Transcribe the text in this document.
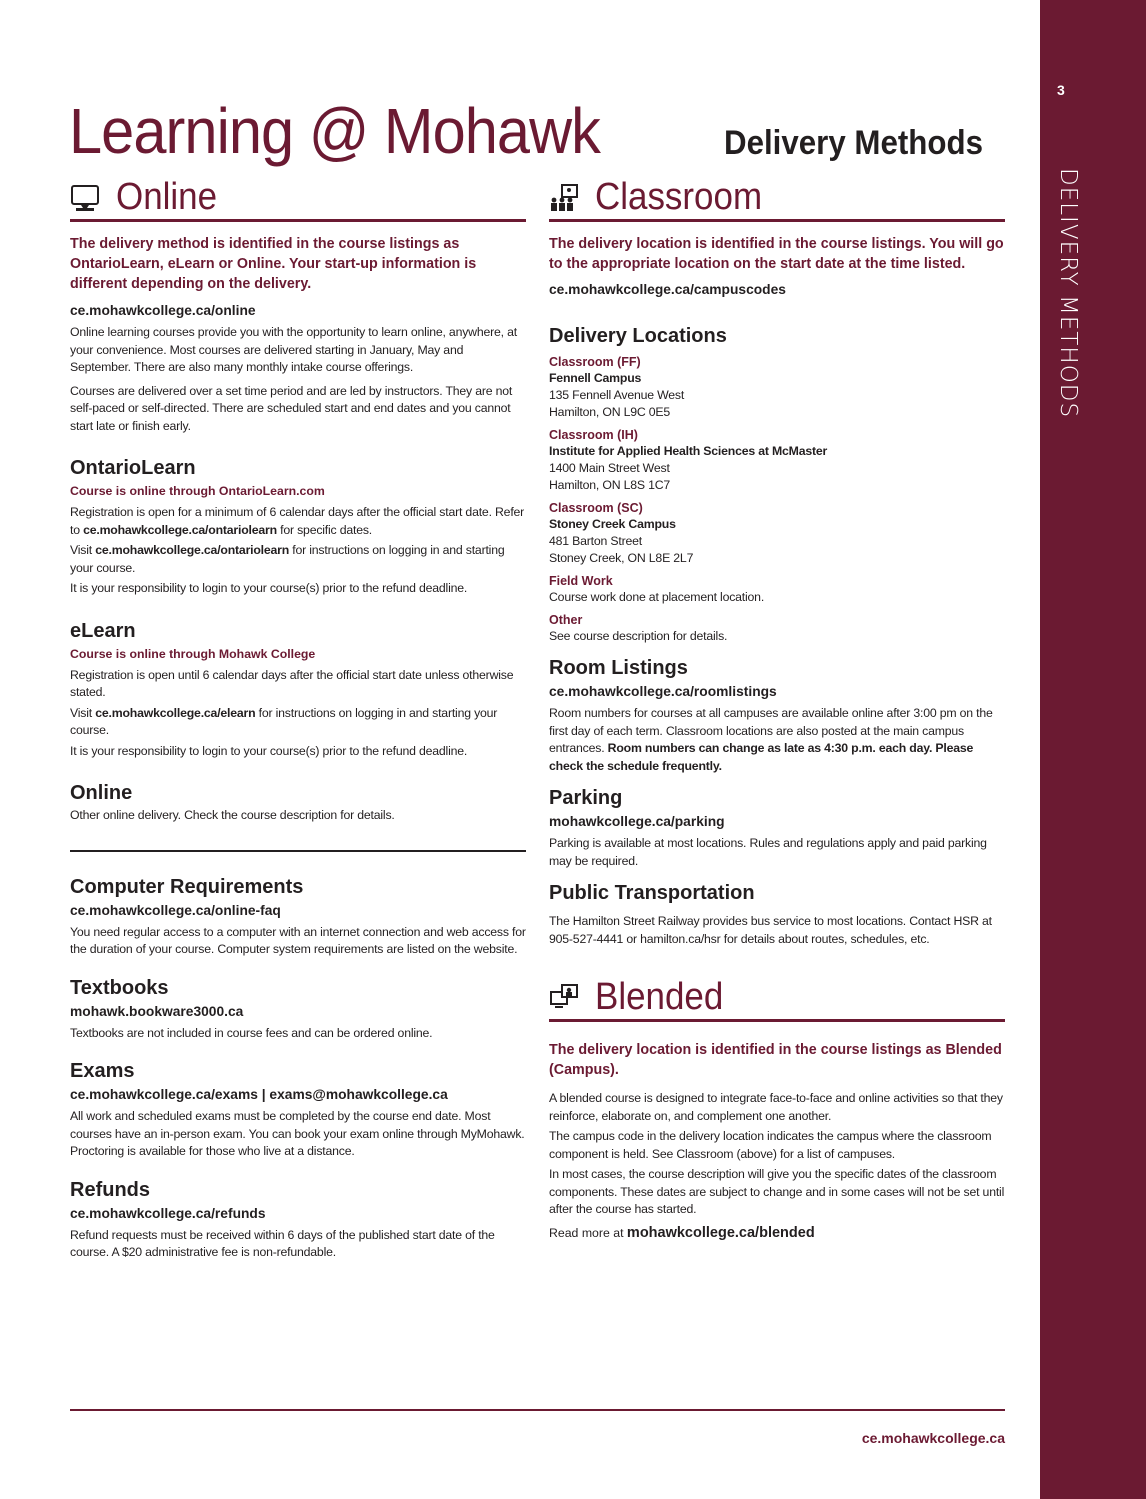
3
DELIVERY METHODS
Learning @ Mohawk	Delivery Methods
Online
The delivery method is identified in the course listings as OntarioLearn, eLearn or Online. Your start-up information is different depending on the delivery.
ce.mohawkcollege.ca/online
Online learning courses provide you with the opportunity to learn online, anywhere, at your convenience. Most courses are delivered starting in January, May and September. There are also many monthly intake course offerings.
Courses are delivered over a set time period and are led by instructors. They are not self-paced or self-directed. There are scheduled start and end dates and you cannot start late or finish early.
OntarioLearn
Course is online through OntarioLearn.com
Registration is open for a minimum of 6 calendar days after the official start date. Refer to ce.mohawkcollege.ca/ontariolearn for specific dates.
Visit ce.mohawkcollege.ca/ontariolearn for instructions on logging in and starting your course.
It is your responsibility to login to your course(s) prior to the refund deadline.
eLearn
Course is online through Mohawk College
Registration is open until 6 calendar days after the official start date unless otherwise stated.
Visit ce.mohawkcollege.ca/elearn for instructions on logging in and starting your course.
It is your responsibility to login to your course(s) prior to the refund deadline.
Online
Other online delivery. Check the course description for details.
Computer Requirements
ce.mohawkcollege.ca/online-faq
You need regular access to a computer with an internet connection and web access for the duration of your course. Computer system requirements are listed on the website.
Textbooks
mohawk.bookware3000.ca
Textbooks are not included in course fees and can be ordered online.
Exams
ce.mohawkcollege.ca/exams | exams@mohawkcollege.ca
All work and scheduled exams must be completed by the course end date. Most courses have an in-person exam. You can book your exam online through MyMohawk. Proctoring is available for those who live at a distance.
Refunds
ce.mohawkcollege.ca/refunds
Refund requests must be received within 6 days of the published start date of the course. A $20 administrative fee is non-refundable.
Classroom
The delivery location is identified in the course listings. You will go to the appropriate location on the start date at the time listed.
ce.mohawkcollege.ca/campuscodes
Delivery Locations
Classroom (FF)
Fennell Campus
135 Fennell Avenue West
Hamilton, ON L9C 0E5
Classroom (IH)
Institute for Applied Health Sciences at McMaster
1400 Main Street West
Hamilton, ON L8S 1C7
Classroom (SC)
Stoney Creek Campus
481 Barton Street
Stoney Creek, ON L8E 2L7
Field Work
Course work done at placement location.
Other
See course description for details.
Room Listings
ce.mohawkcollege.ca/roomlistings
Room numbers for courses at all campuses are available online after 3:00 pm on the first day of each term. Classroom locations are also posted at the main campus entrances. Room numbers can change as late as 4:30 p.m. each day. Please check the schedule frequently.
Parking
mohawkcollege.ca/parking
Parking is available at most locations. Rules and regulations apply and paid parking may be required.
Public Transportation
The Hamilton Street Railway provides bus service to most locations. Contact HSR at 905-527-4441 or hamilton.ca/hsr for details about routes, schedules, etc.
Blended
The delivery location is identified in the course listings as Blended (Campus).
A blended course is designed to integrate face-to-face and online activities so that they reinforce, elaborate on, and complement one another.
The campus code in the delivery location indicates the campus where the classroom component is held. See Classroom (above) for a list of campuses.
In most cases, the course description will give you the specific dates of the classroom components. These dates are subject to change and in some cases will not be set until after the course has started.
Read more at mohawkcollege.ca/blended
ce.mohawkcollege.ca
